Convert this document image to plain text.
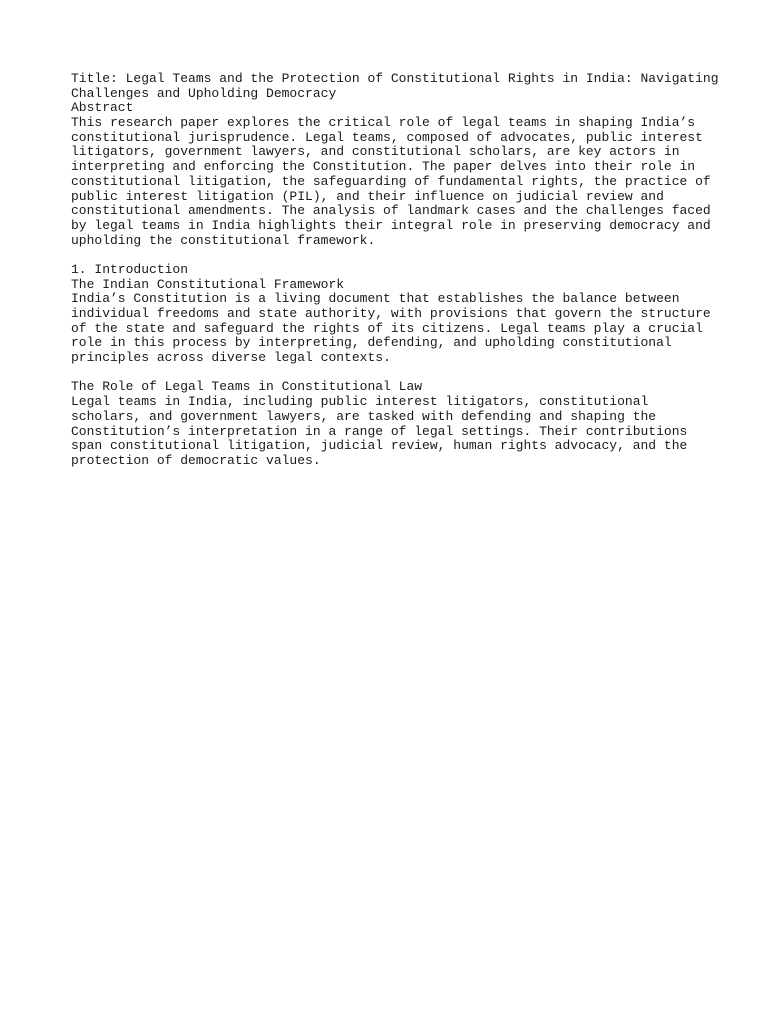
Title: Legal Teams and the Protection of Constitutional Rights in India: Navigating
Challenges and Upholding Democracy
Abstract
This research paper explores the critical role of legal teams in shaping India’s
constitutional jurisprudence. Legal teams, composed of advocates, public interest
litigators, government lawyers, and constitutional scholars, are key actors in
interpreting and enforcing the Constitution. The paper delves into their role in
constitutional litigation, the safeguarding of fundamental rights, the practice of
public interest litigation (PIL), and their influence on judicial review and
constitutional amendments. The analysis of landmark cases and the challenges faced
by legal teams in India highlights their integral role in preserving democracy and
upholding the constitutional framework.
1. Introduction
The Indian Constitutional Framework
India’s Constitution is a living document that establishes the balance between
individual freedoms and state authority, with provisions that govern the structure
of the state and safeguard the rights of its citizens. Legal teams play a crucial
role in this process by interpreting, defending, and upholding constitutional
principles across diverse legal contexts.
The Role of Legal Teams in Constitutional Law
Legal teams in India, including public interest litigators, constitutional
scholars, and government lawyers, are tasked with defending and shaping the
Constitution’s interpretation in a range of legal settings. Their contributions
span constitutional litigation, judicial review, human rights advocacy, and the
protection of democratic values.
